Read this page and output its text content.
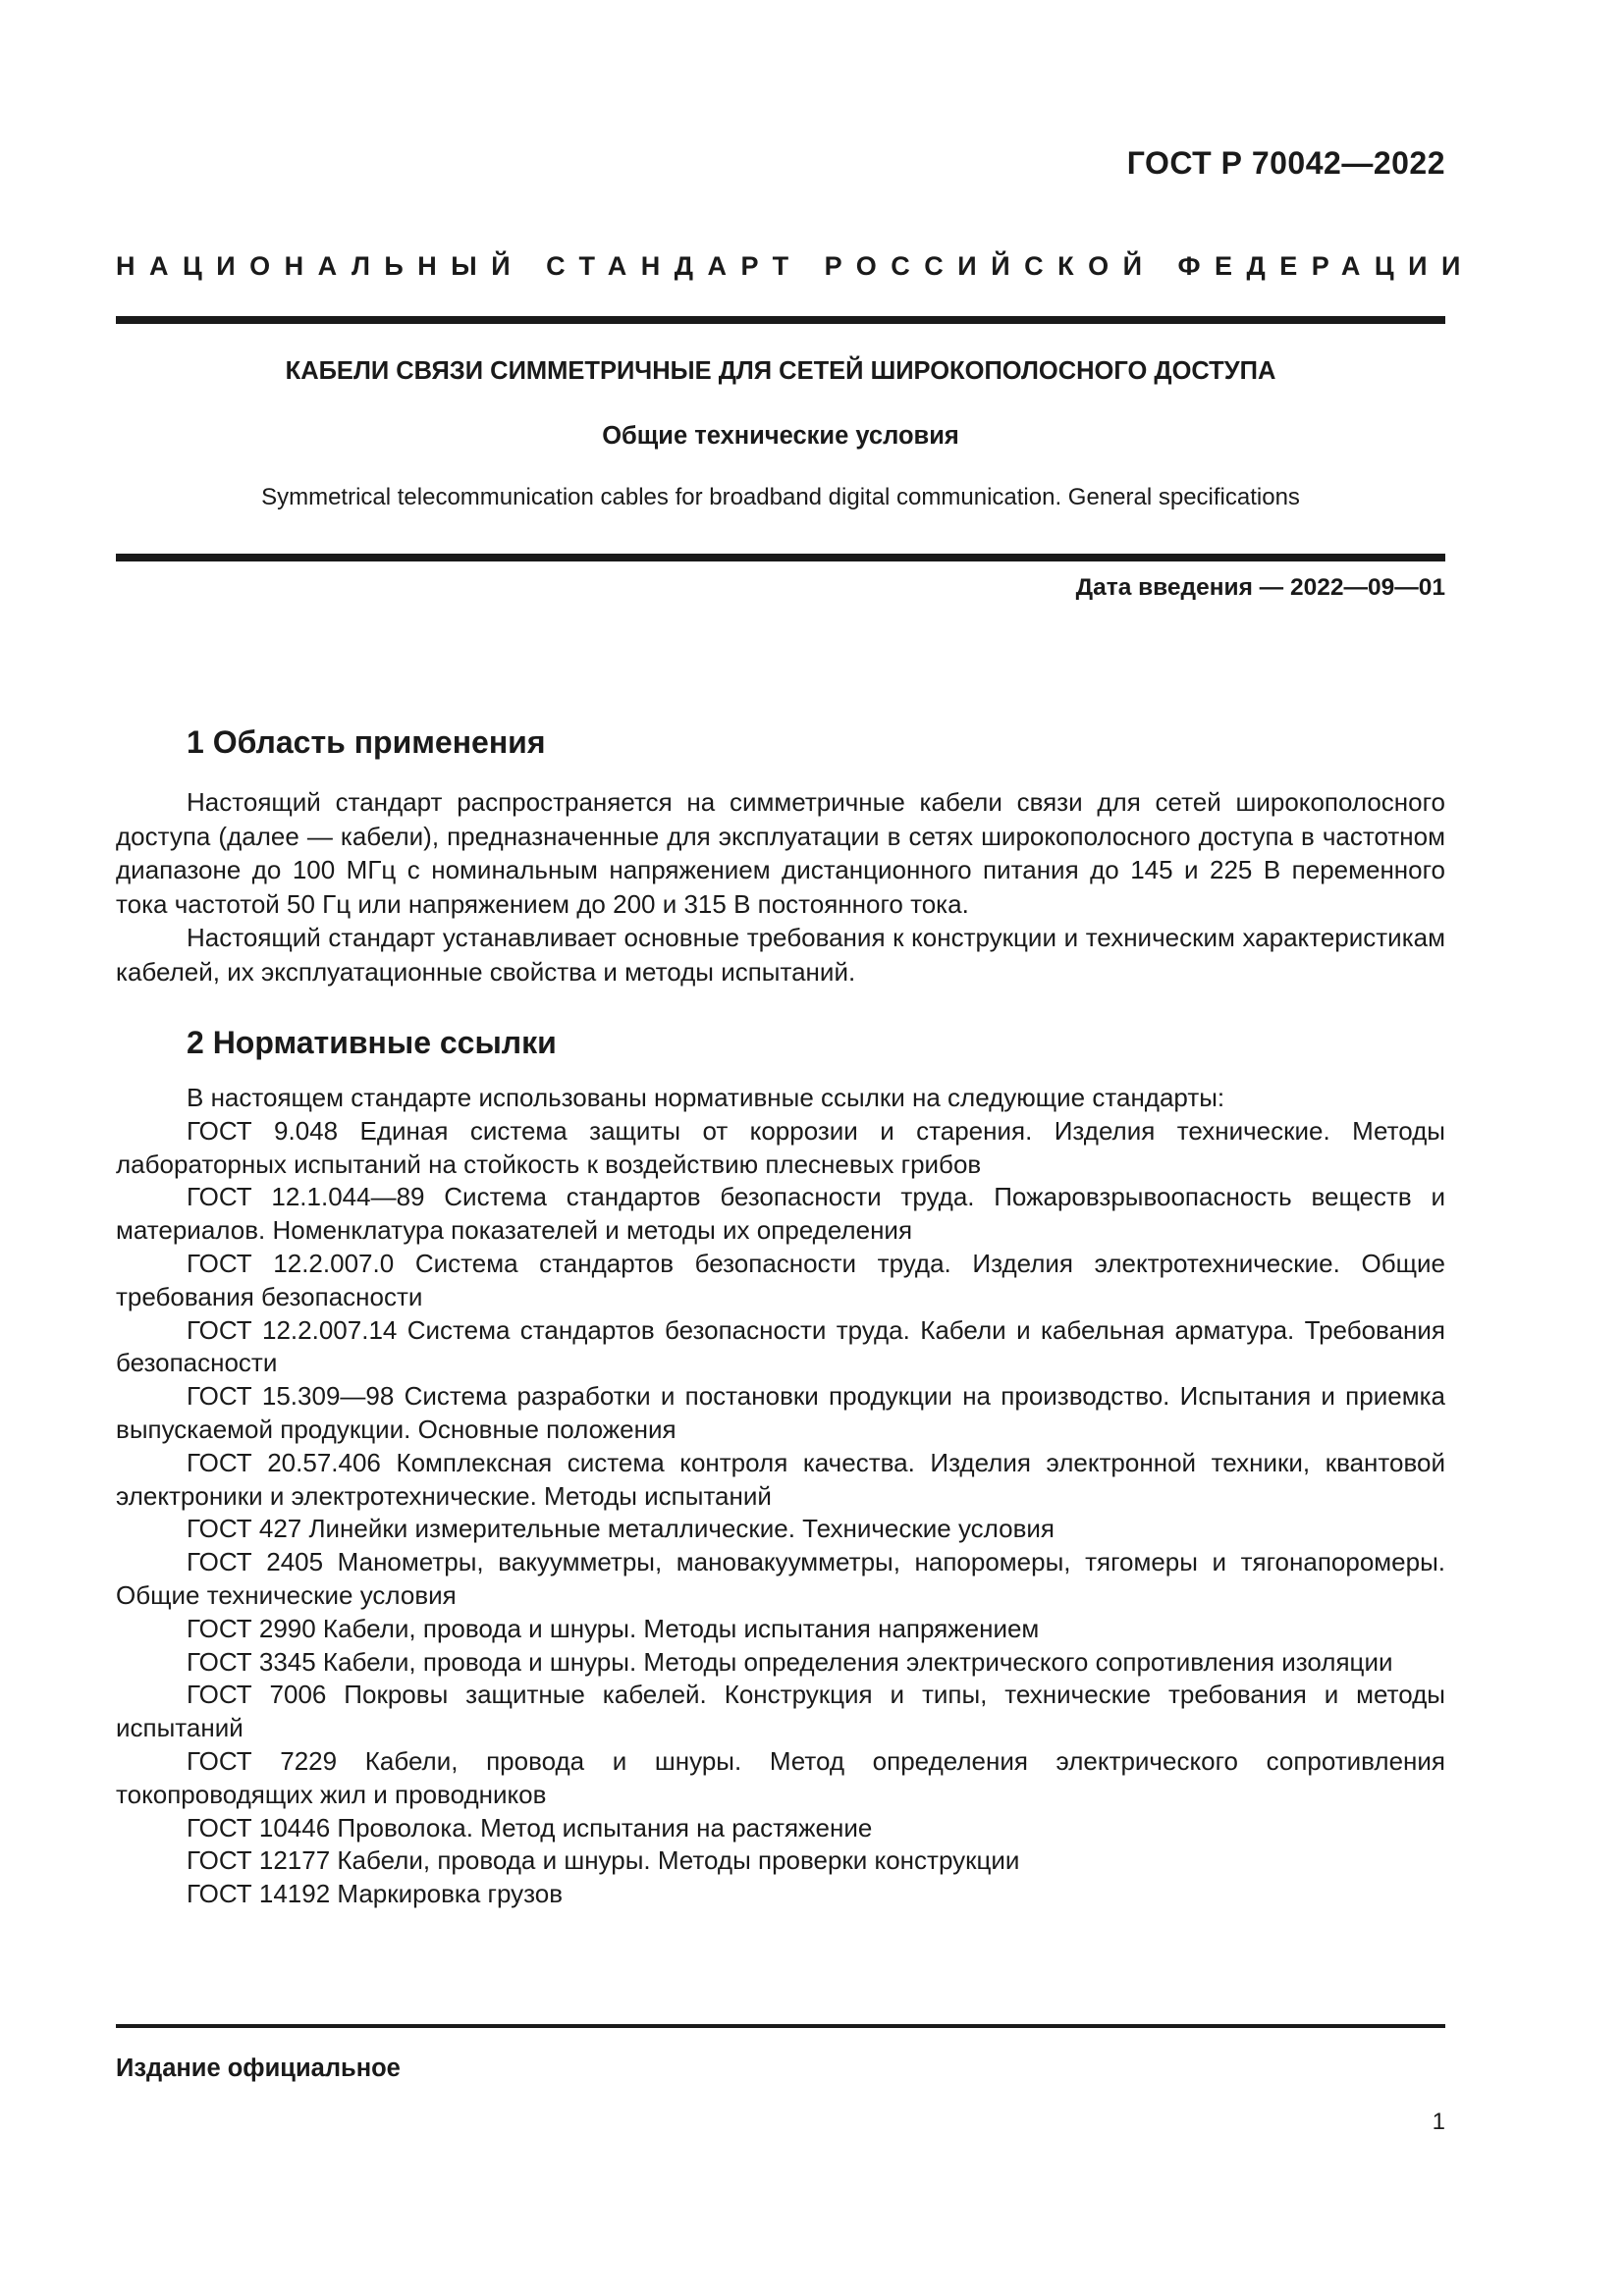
ГОСТ Р 70042—2022
НАЦИОНАЛЬНЫЙ СТАНДАРТ РОССИЙСКОЙ ФЕДЕРАЦИИ
КАБЕЛИ СВЯЗИ СИММЕТРИЧНЫЕ ДЛЯ СЕТЕЙ ШИРОКОПОЛОСНОГО ДОСТУПА
Общие технические условия
Symmetrical telecommunication cables for broadband digital communication. General specifications
Дата введения — 2022—09—01
1 Область применения

Настоящий стандарт распространяется на симметричные кабели связи для сетей широкополосного доступа (далее — кабели), предназначенные для эксплуатации в сетях широкополосного доступа в частотном диапазоне до 100 МГц с номинальным напряжением дистанционного питания до 145 и 225 В переменного тока частотой 50 Гц или напряжением до 200 и 315 В постоянного тока.

Настоящий стандарт устанавливает основные требования к конструкции и техническим характеристикам кабелей, их эксплуатационные свойства и методы испытаний.

2 Нормативные ссылки
В настоящем стандарте использованы нормативные ссылки на следующие стандарты:
ГОСТ 9.048 Единая система защиты от коррозии и старения. Изделия технические. Методы лабораторных испытаний на стойкость к воздействию плесневых грибов
ГОСТ 12.1.044—89 Система стандартов безопасности труда. Пожаровзрывоопасность веществ и материалов. Номенклатура показателей и методы их определения
ГОСТ 12.2.007.0 Система стандартов безопасности труда. Изделия электротехнические. Общие требования безопасности
ГОСТ 12.2.007.14 Система стандартов безопасности труда. Кабели и кабельная арматура. Требования безопасности
ГОСТ 15.309—98 Система разработки и постановки продукции на производство. Испытания и приемка выпускаемой продукции. Основные положения
ГОСТ 20.57.406 Комплексная система контроля качества. Изделия электронной техники, квантовой электроники и электротехнические. Методы испытаний
ГОСТ 427 Линейки измерительные металлические. Технические условия
ГОСТ 2405 Манометры, вакуумметры, мановакуумметры, напоромеры, тягомеры и тягонапоромеры. Общие технические условия
ГОСТ 2990 Кабели, провода и шнуры. Методы испытания напряжением
ГОСТ 3345 Кабели, провода и шнуры. Методы определения электрического сопротивления изоляции
ГОСТ 7006 Покровы защитные кабелей. Конструкция и типы, технические требования и методы испытаний
ГОСТ 7229 Кабели, провода и шнуры. Метод определения электрического сопротивления токопроводящих жил и проводников
ГОСТ 10446 Проволока. Метод испытания на растяжение
ГОСТ 12177 Кабели, провода и шнуры. Методы проверки конструкции
ГОСТ 14192 Маркировка грузов
Издание официальное
1
